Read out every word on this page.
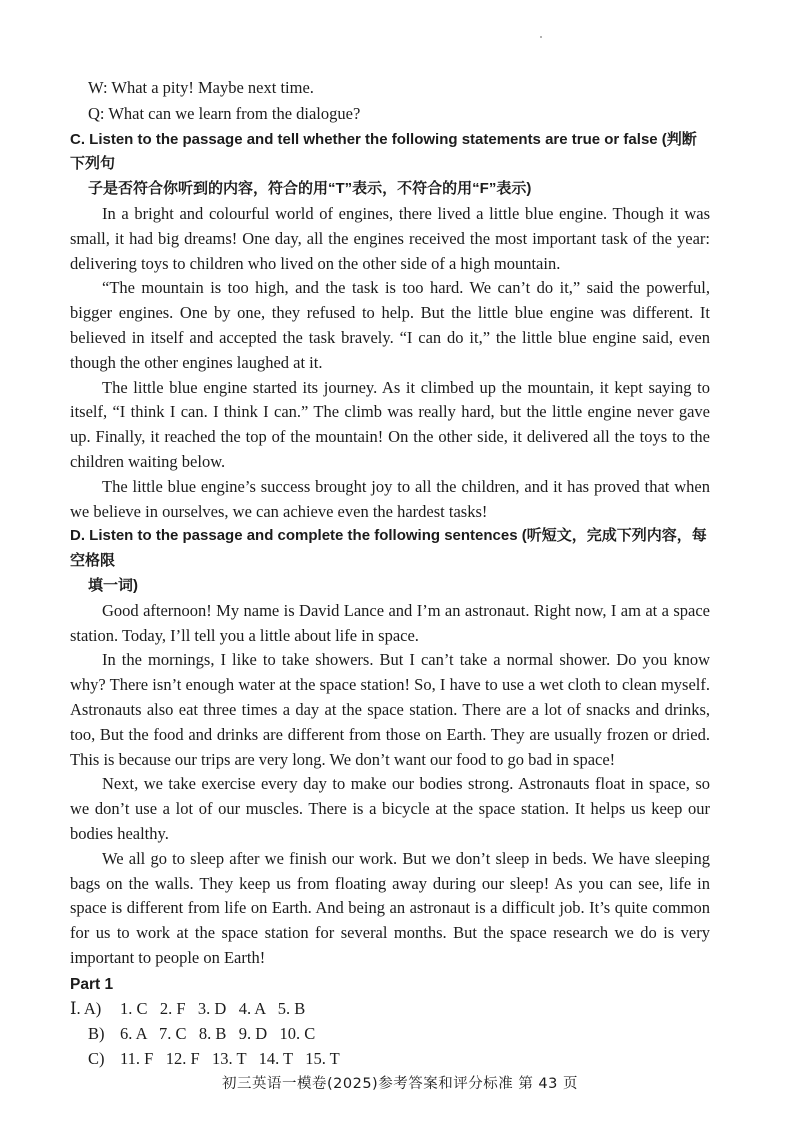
W: What a pity! Maybe next time.

Q: What can we learn from the dialogue?

C. Listen to the passage and tell whether the following statements are true or false (判断下列句

子是否符合你听到的内容，符合的用“T”表示，不符合的用“F”表示)

In a bright and colourful world of engines, there lived a little blue engine. Though it was small, it had big dreams! One day, all the engines received the most important task of the year: delivering toys to children who lived on the other side of a high mountain.

“The mountain is too high, and the task is too hard. We can’t do it,” said the powerful, bigger engines. One by one, they refused to help. But the little blue engine was different. It believed in itself and accepted the task bravely. “I can do it,” the little blue engine said, even though the other engines laughed at it.

The little blue engine started its journey. As it climbed up the mountain, it kept saying to itself, “I think I can. I think I can.” The climb was really hard, but the little engine never gave up. Finally, it reached the top of the mountain! On the other side, it delivered all the toys to the children waiting below.

The little blue engine’s success brought joy to all the children, and it has proved that when we believe in ourselves, we can achieve even the hardest tasks!

D. Listen to the passage and complete the following sentences (听短文，完成下列内容，每空格限

填一词)

Good afternoon! My name is David Lance and I’m an astronaut. Right now, I am at a space station. Today, I’ll tell you a little about life in space.

In the mornings, I like to take showers. But I can’t take a normal shower. Do you know why? There isn’t enough water at the space station! So, I have to use a wet cloth to clean myself. Astronauts also eat three times a day at the space station. There are a lot of snacks and drinks, too, But the food and drinks are different from those on Earth. They are usually frozen or dried. This is because our trips are very long. We don’t want our food to go bad in space!

Next, we take exercise every day to make our bodies strong. Astronauts float in space, so we don’t use a lot of our muscles. There is a bicycle at the space station. It helps us keep our bodies healthy.

We all go to sleep after we finish our work. But we don’t sleep in beds. We have sleeping bags on the walls. They keep us from floating away during our sleep! As you can see, life in space is different from life on Earth. And being an astronaut is a difficult job. It’s quite common for us to work at the space station for several months. But the space research we do is very important to people on Earth!

Part 1

Ⅰ. A) 1. C   2. F   3. D   4. A   5. B

B) 6. A   7. C   8. B   9. D   10. C

C) 11. F   12. F   13. T   14. T   15. T

初三英语一模卷(2025)参考答案和评分标准 第 43 页
